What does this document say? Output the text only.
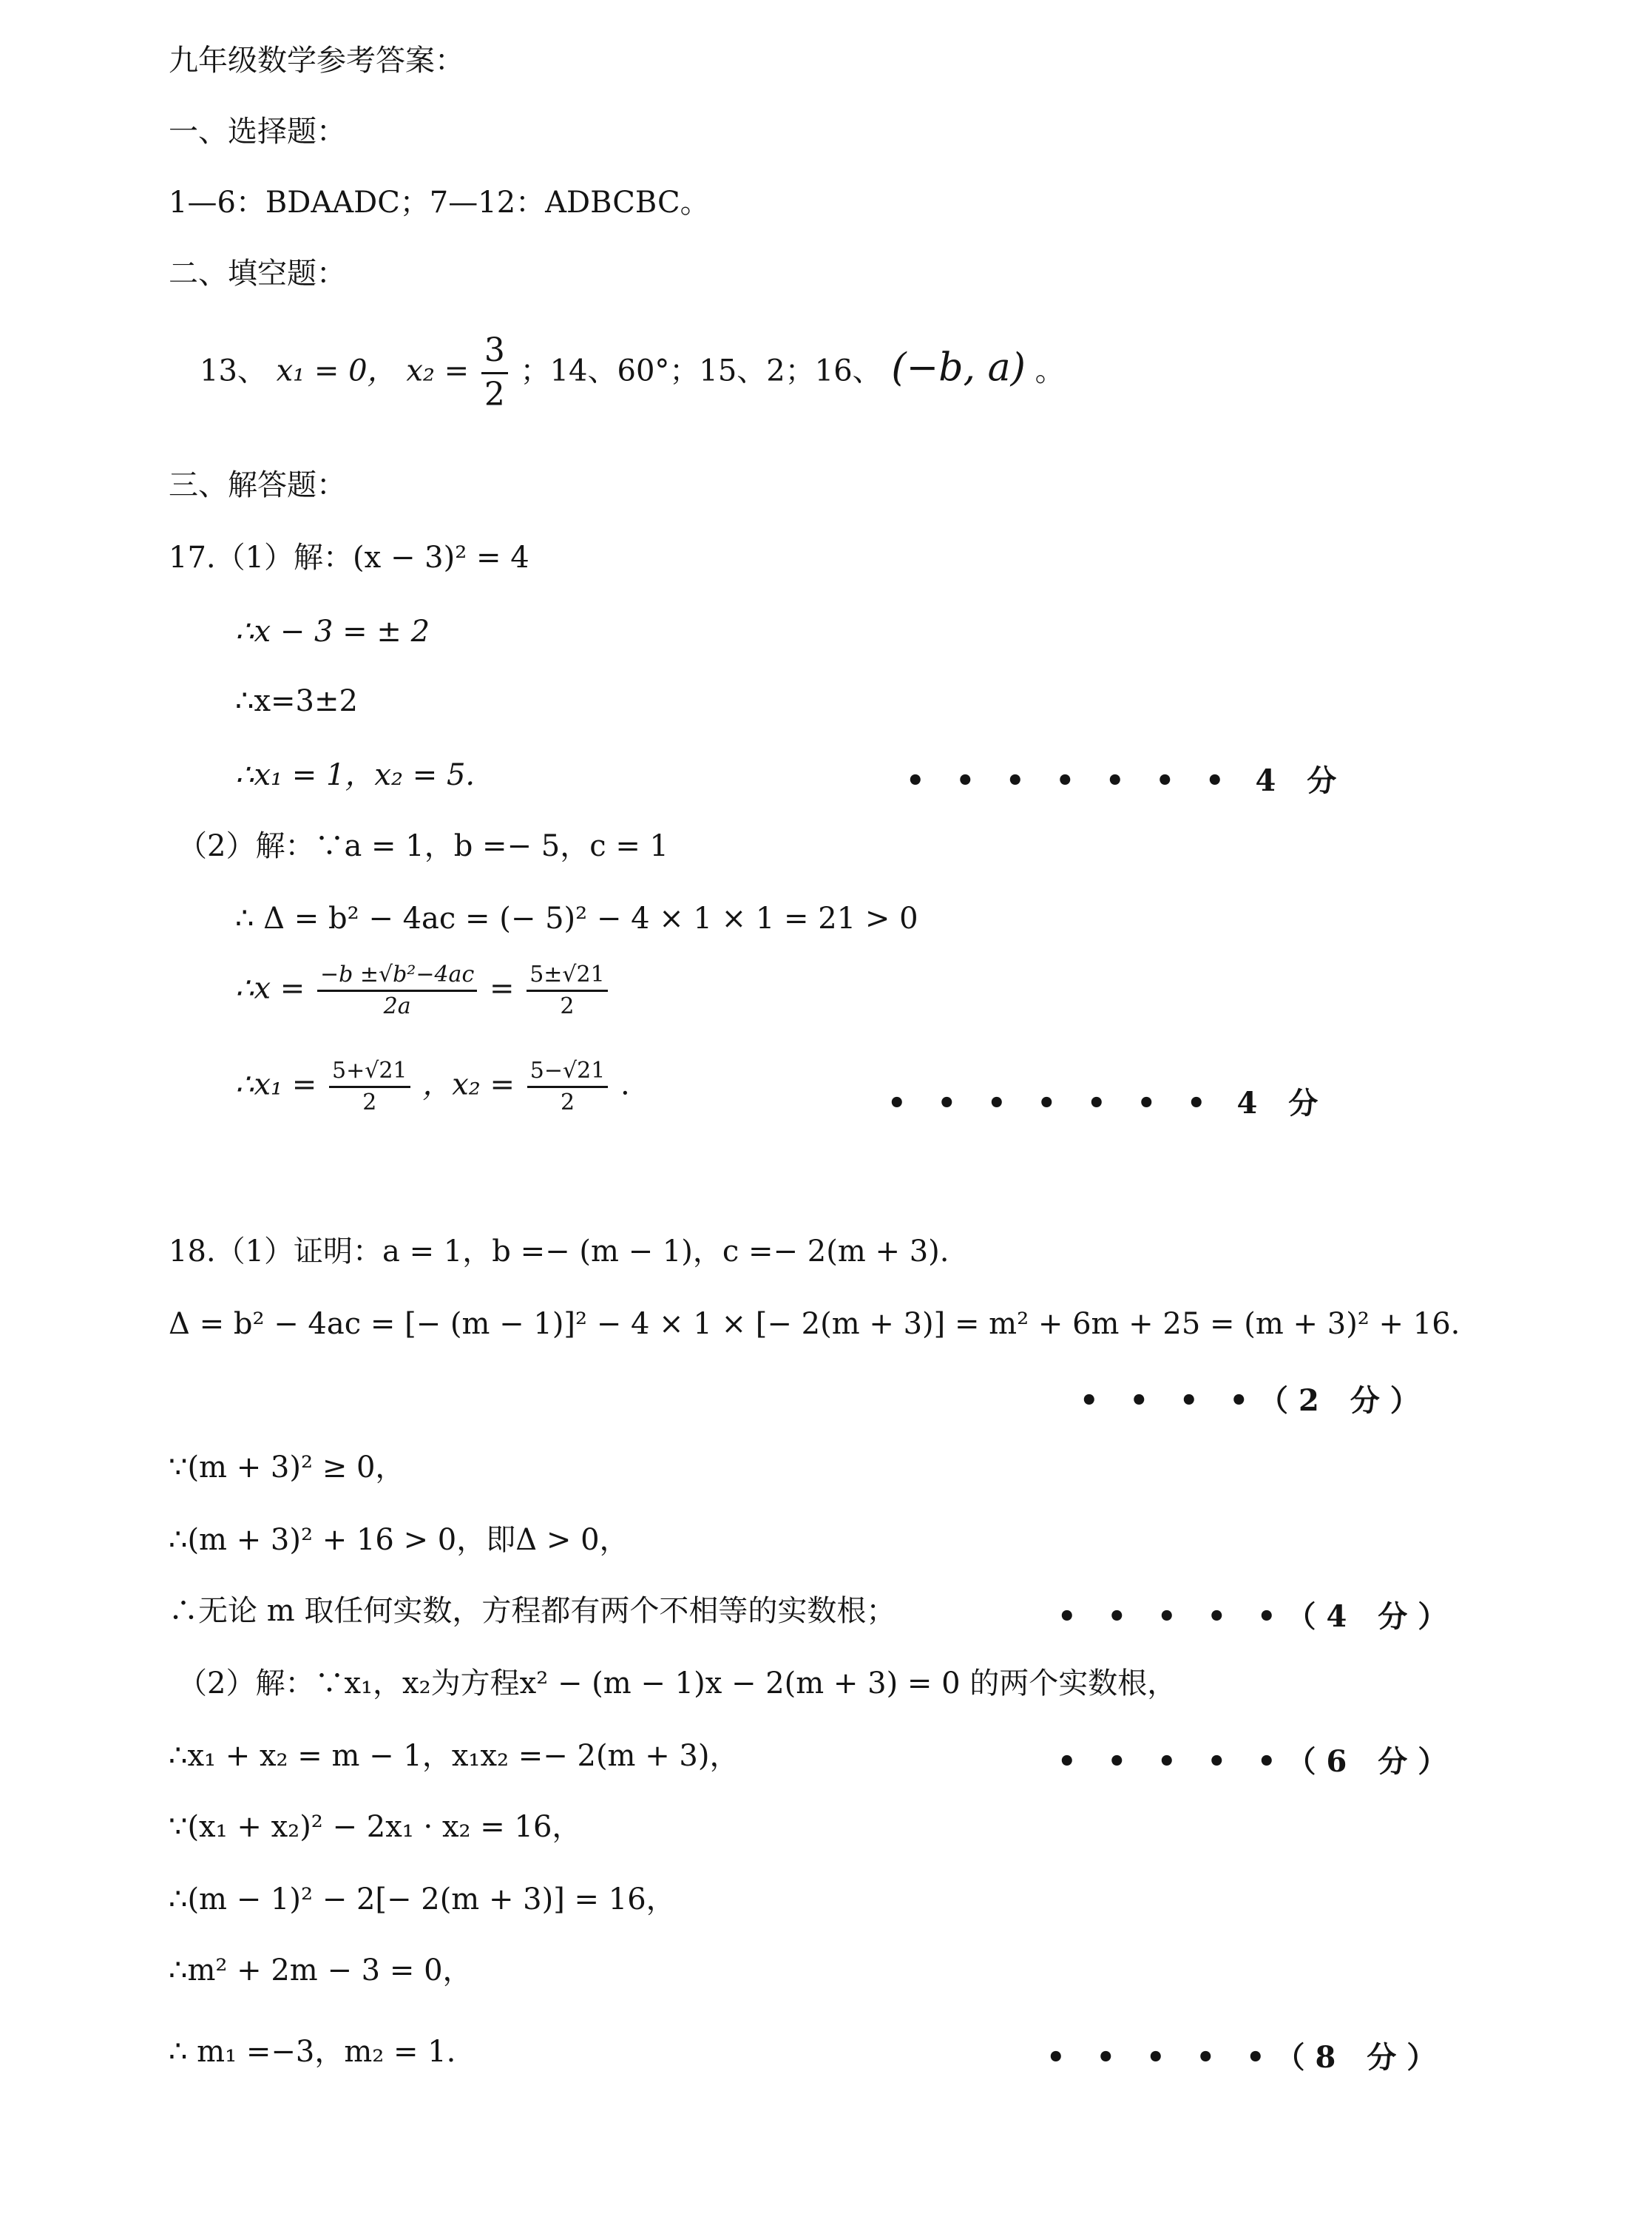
九年级数学参考答案：
一、选择题：
1—6：BDAADC；7—12：ADBCBC。
二、填空题：
13、 x₁ = 0， $x_2 = \frac{3}{2}$ ；14、60°；15、2；16、 (−b, a) 。
三、解答题：
17.（1）解：(x − 3)² = 4
∴x − 3 = ± 2
∴x=3±2
∴x₁ = 1，x₂ = 5.	• • • • • • • 4 分
（2）解：∵a = 1，b =− 5，c = 1
∴ Δ = b² − 4ac = (− 5)² − 4 × 1 × 1 = 21 > 0
∴x = $\frac{\text{−b ±√b²−4ac}}{2a} = \frac{5\pm√21}{2}$
∴x₁ = $\frac{5+√21}{2}$ ，$x_2 = \frac{5-√21}{2}$ .
• • • • • • • 4 分
18.（1）证明：a = 1，b =− (m − 1)，c =− 2(m + 3).
Δ = b² − 4ac = [− (m − 1)]² − 4 × 1 × [− 2(m + 3)] = m² + 6m + 25 = (m + 3)² + 16.
• • • •（2 分）
∵(m + 3)² ≥ 0，
∴(m + 3)² + 16 > 0，即Δ > 0，
∴无论 m 取任何实数，方程都有两个不相等的实数根；	• • • • •（4 分）
（2）解：∵x₁，x₂为方程x² − (m − 1)x − 2(m + 3) = 0 的两个实数根，
∴x₁ + x₂ = m − 1，x₁x₂ =− 2(m + 3)，	• • • • •（6 分）
∵(x₁ + x₂)² − 2x₁ · x₂ = 16，
∴(m − 1)² − 2[− 2(m + 3)] = 16，
∴m² + 2m − 3 = 0，
∴ m₁ =−3，m₂ = 1.	• • • • •（8 分）
